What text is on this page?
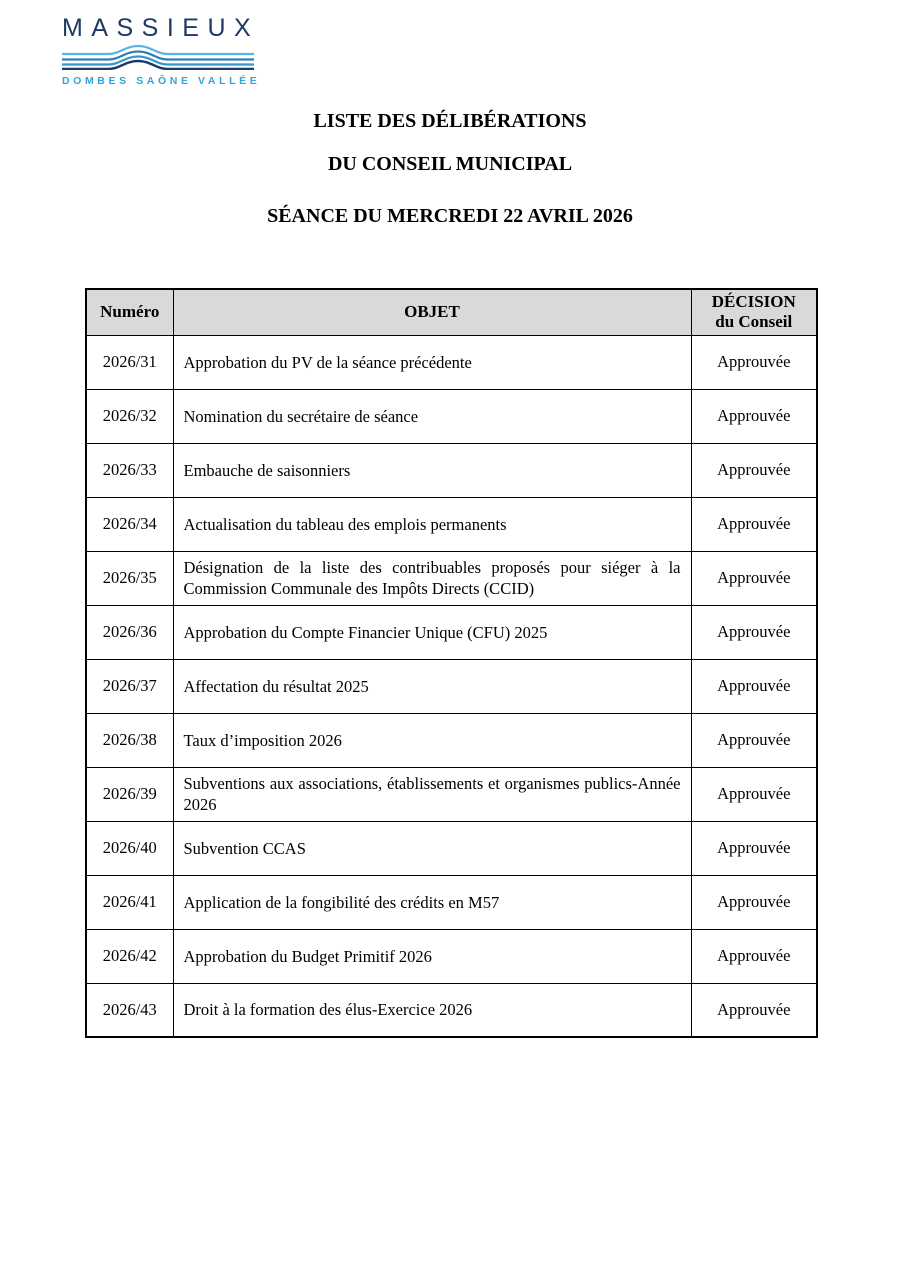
MASSIEUX
DOMBES SAÔNE VALLÉE
LISTE DES DÉLIBÉRATIONS
DU CONSEIL MUNICIPAL
SÉANCE DU MERCREDI 22 AVRIL 2026
Numéro	OBJET	DÉCISION
du Conseil
2026/31	Approbation du PV de la séance précédente	Approuvée
2026/32	Nomination du secrétaire de séance	Approuvée
2026/33	Embauche de saisonniers	Approuvée
2026/34	Actualisation du tableau des emplois permanents	Approuvée
2026/35	Désignation de la liste des contribuables proposés pour siéger à la Commission Communale des Impôts Directs (CCID)	Approuvée
2026/36	Approbation du Compte Financier Unique (CFU) 2025	Approuvée
2026/37	Affectation du résultat 2025	Approuvée
2026/38	Taux d’imposition 2026	Approuvée
2026/39	Subventions aux associations, établissements et organismes publics-Année 2026	Approuvée
2026/40	Subvention CCAS	Approuvée
2026/41	Application de la fongibilité des crédits en M57	Approuvée
2026/42	Approbation du Budget Primitif 2026	Approuvée
2026/43	Droit à la formation des élus-Exercice 2026	Approuvée
